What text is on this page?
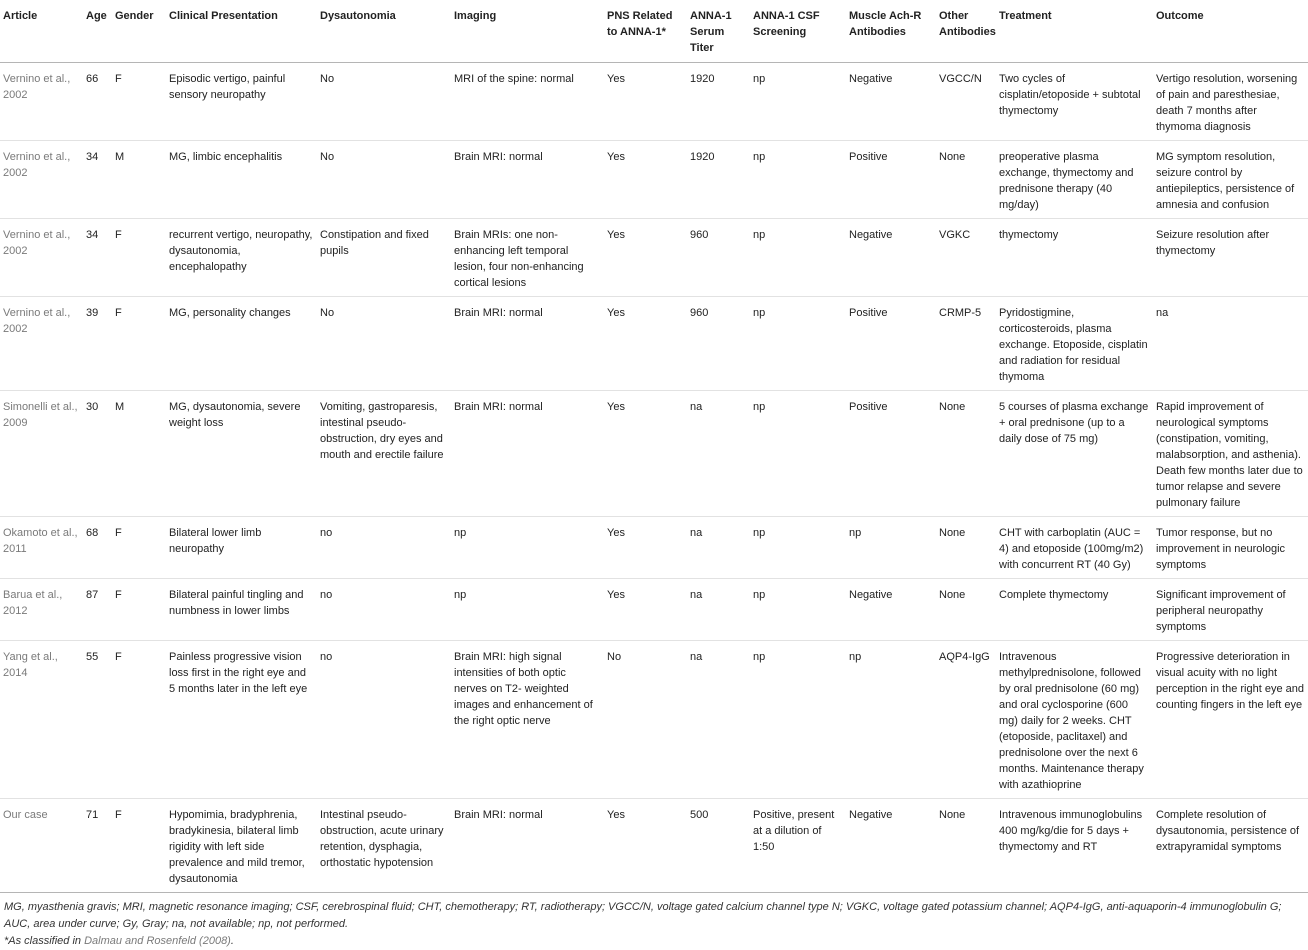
Article	Age	Gender	Clinical Presentation	Dysautonomia	Imaging	PNS Related to ANNA-1*	ANNA-1 Serum Titer	ANNA-1 CSF Screening	Muscle Ach-R Antibodies	Other Antibodies	Treatment	Outcome
Vernino et al., 2002	66	F	Episodic vertigo, painful sensory neuropathy	No	MRI of the spine: normal	Yes	1920	np	Negative	VGCC/N	Two cycles of cisplatin/etoposide + subtotal thymectomy	Vertigo resolution, worsening of pain and paresthesiae, death 7 months after thymoma diagnosis
Vernino et al., 2002	34	M	MG, limbic encephalitis	No	Brain MRI: normal	Yes	1920	np	Positive	None	preoperative plasma exchange, thymectomy and prednisone therapy (40 mg/day)	MG symptom resolution, seizure control by antiepileptics, persistence of amnesia and confusion
Vernino et al., 2002	34	F	recurrent vertigo, neuropathy, dysautonomia, encephalopathy	Constipation and fixed pupils	Brain MRIs: one non-enhancing left temporal lesion, four non-enhancing cortical lesions	Yes	960	np	Negative	VGKC	thymectomy	Seizure resolution after thymectomy
Vernino et al., 2002	39	F	MG, personality changes	No	Brain MRI: normal	Yes	960	np	Positive	CRMP-5	Pyridostigmine, corticosteroids, plasma exchange. Etoposide, cisplatin and radiation for residual thymoma	na
Simonelli et al., 2009	30	M	MG, dysautonomia, severe weight loss	Vomiting, gastroparesis, intestinal pseudo-obstruction, dry eyes and mouth and erectile failure	Brain MRI: normal	Yes	na	np	Positive	None	5 courses of plasma exchange + oral prednisone (up to a daily dose of 75 mg)	Rapid improvement of neurological symptoms (constipation, vomiting, malabsorption, and asthenia). Death few months later due to tumor relapse and severe pulmonary failure
Okamoto et al., 2011	68	F	Bilateral lower limb neuropathy	no	np	Yes	na	np	np	None	CHT with carboplatin (AUC = 4) and etoposide (100mg/m2) with concurrent RT (40 Gy)	Tumor response, but no improvement in neurologic symptoms
Barua et al., 2012	87	F	Bilateral painful tingling and numbness in lower limbs	no	np	Yes	na	np	Negative	None	Complete thymectomy	Significant improvement of peripheral neuropathy symptoms
Yang et al., 2014	55	F	Painless progressive vision loss first in the right eye and 5 months later in the left eye	no	Brain MRI: high signal intensities of both optic nerves on T2- weighted images and enhancement of the right optic nerve	No	na	np	np	AQP4-IgG	Intravenous methylprednisolone, followed by oral prednisolone (60 mg) and oral cyclosporine (600 mg) daily for 2 weeks. CHT (etoposide, paclitaxel) and prednisolone over the next 6 months. Maintenance therapy with azathioprine	Progressive deterioration in visual acuity with no light perception in the right eye and counting fingers in the left eye
Our case	71	F	Hypomimia, bradyphrenia, bradykinesia, bilateral limb rigidity with left side prevalence and mild tremor, dysautonomia	Intestinal pseudo-obstruction, acute urinary retention, dysphagia, orthostatic hypotension	Brain MRI: normal	Yes	500	Positive, present at a dilution of 1:50	Negative	None	Intravenous immunoglobulins 400 mg/kg/die for 5 days + thymectomy and RT	Complete resolution of dysautonomia, persistence of extrapyramidal symptoms
MG, myasthenia gravis; MRI, magnetic resonance imaging; CSF, cerebrospinal fluid; CHT, chemotherapy; RT, radiotherapy; VGCC/N, voltage gated calcium channel type N; VGKC, voltage gated potassium channel; AQP4-IgG, anti-aquaporin-4 immunoglobulin G; AUC, area under curve; Gy, Gray; na, not available; np, not performed.
*As classified in Dalmau and Rosenfeld (2008).
